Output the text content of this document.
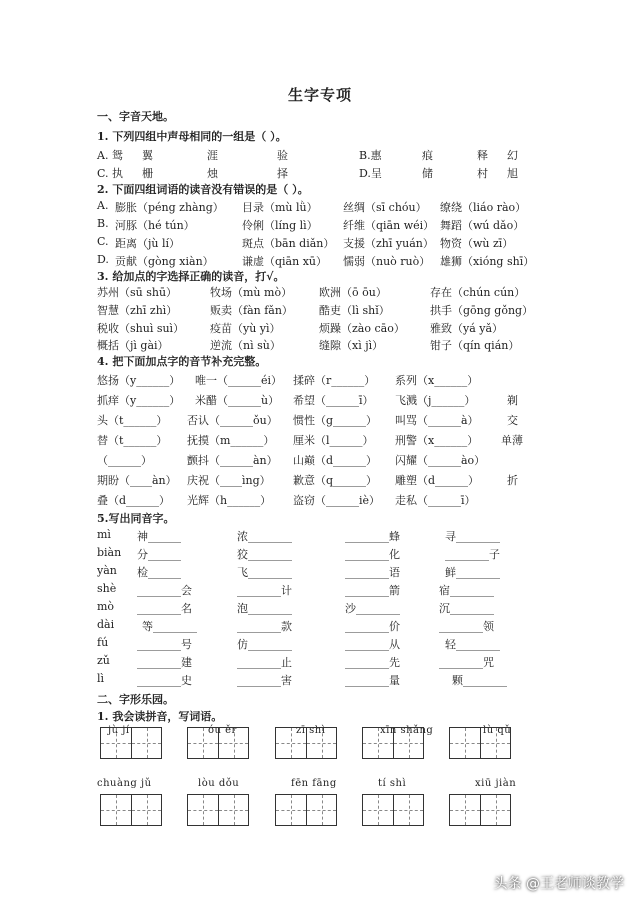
生字专项
一、字音天地。
1. 下列四组中声母相同的一组是（ ）。
A. 鸳 翼	涯	验	B.惠	痕	释 幻
C. 执 栅	烛	择	D.呈	储	村 旭
2. 下面四组词语的读音没有错误的是（ ）。
A. 膨胀（péng zhàng） 目录（mù lǜ） 丝绸（sī chóu） 缭绕（liáo rào）
B. 河豚（hé tún）	伶俐（líng lì） 纤维（qiān wéi） 舞蹈（wú dǎo）
C. 距离（jù lí）	斑点（bān diǎn） 支援（zhī yuán） 物资（wù zī）
D. 贡献（gòng xiàn）	谦虚（qiān xū） 懦弱（nuò ruò） 雄狮（xióng shī）
3. 给加点的字选择正确的读音，打√。
苏州（sū shū）	牧场（mù mò） 欧洲（ō ōu）	存在（chún cún）
智慧（zhī zhì）	贩卖（fàn fǎn） 酷吏（lì shǐ）	拱手（gōng gǒng）
税收（shuì suì） 疫苗（yù yì）	烦躁（zào cāo） 雅致（yá yǎ）
概括（jì gài）	逆流（nì sù）	缝隙（xì jì）	钳子（qín qián）
4. 把下面加点字的音节补充完整。
悠扬（y______） 唯一（______éi） 揉碎（r______） 系列（x______）
抓痒（y______） 米醋（______ù） 希望（______ī） 飞溅（j______）	剃
头（t______） 否认（______ǒu） 惯性（g______） 叫骂（______à）	交
替（t______） 抚摸（m______） 厘米（l______） 刑警（x______） 单薄
（______）	颤抖（______àn） 山巅（d______） 闪耀（______ào）
期盼（____àn） 庆祝（____ìng） 歉意（q______） 雕塑（d______）	折
叠（d______） 光辉（h______） 盗窃（______iè） 走私（______ī）
5.写出同音字。
mì 神______	浓________	________蜂	寻________
biàn 分______	狡________	________化	________子
yàn 检______	飞________	________语	鲜________
shè ________会	________计	________箭	宿________
mò ________名	泡________	沙________	沉________
dài	等________	________款	________价	________领
fú	________号	仿________	________从	轻________
zǔ ________建	________止	________先	________咒
lì	________史	________害	________量	颗________
二、字形乐园。
1. 我会读拼音，写词语。
jù jí	óu ěr	zī shì	xīn shǎng	lù qǔ
chuàng jǔ	lòu dǒu	fēn fāng	tí shì	xiū jiàn
头条 @王老师谈教学
